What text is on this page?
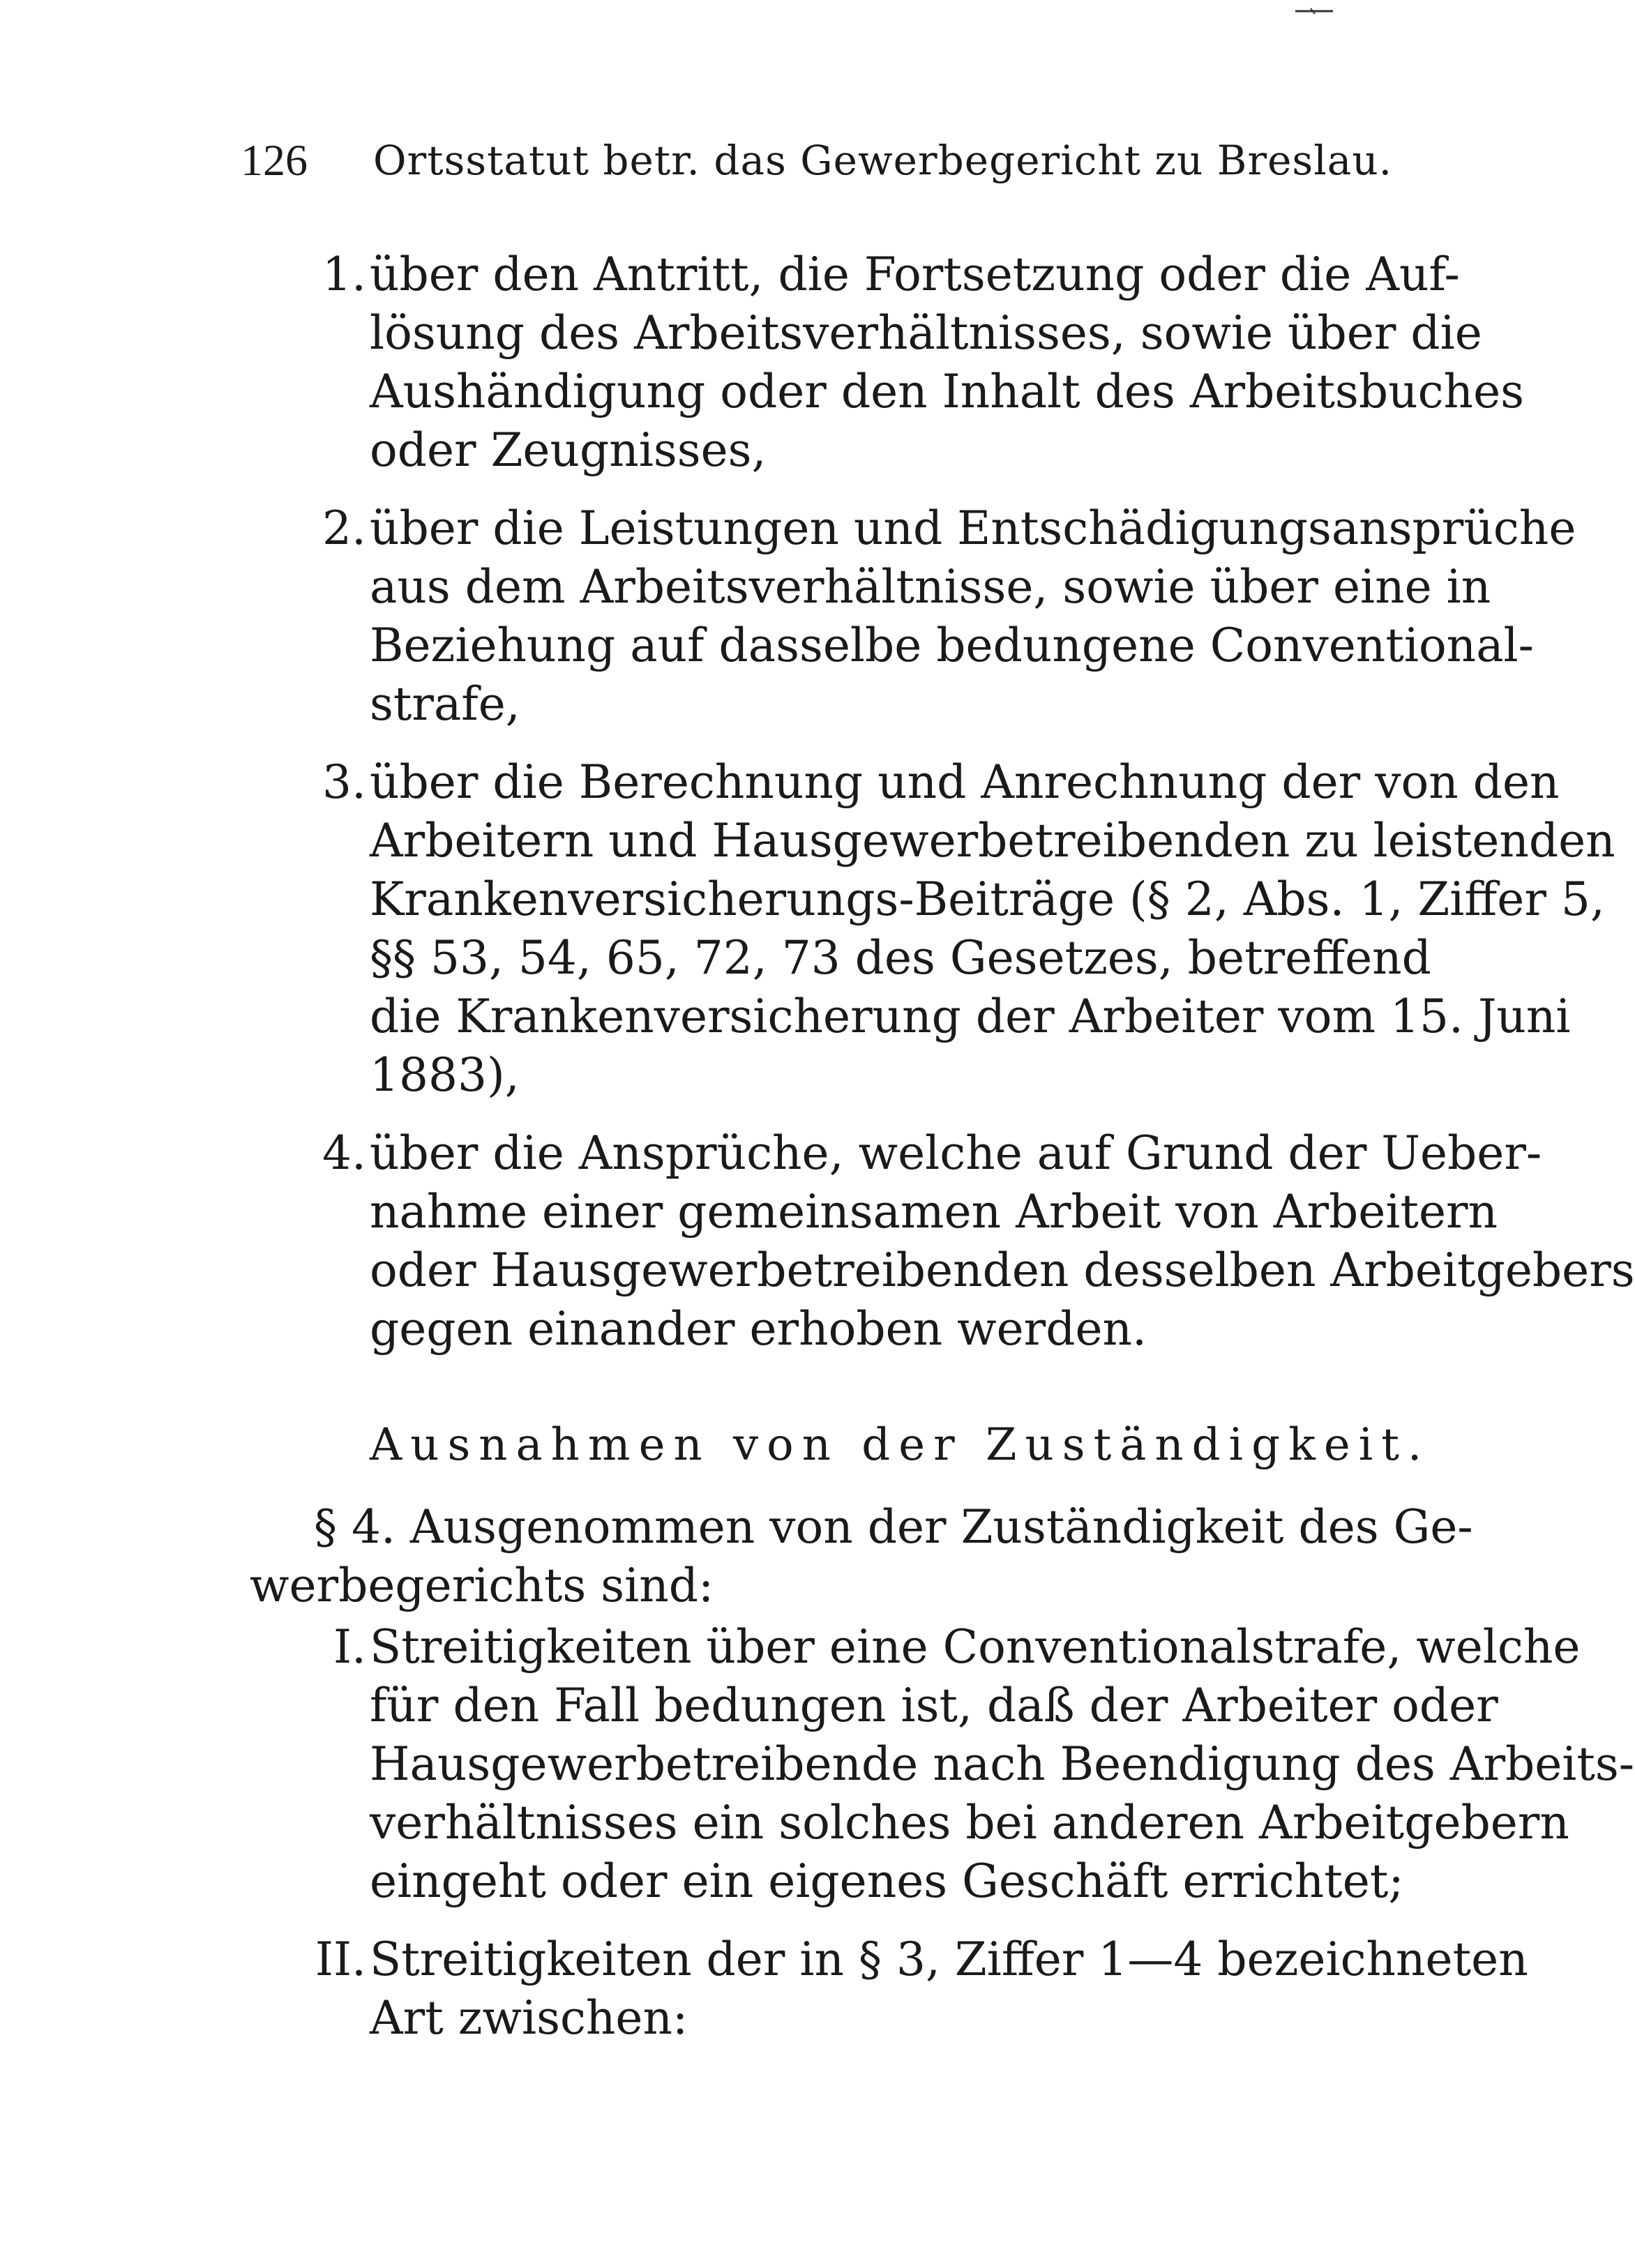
126 Ortsstatut betr. das Gewerbegericht zu Breslau.
1. über den Antritt, die Fortsetzung oder die Auf-
lösung des Arbeitsverhältnisses, sowie über die
Aushändigung oder den Inhalt des Arbeitsbuches
oder Zeugnisses,
2. über die Leistungen und Entschädigungsansprüche
aus dem Arbeitsverhältnisse, sowie über eine in
Beziehung auf dasselbe bedungene Conventional-
strafe,
3. über die Berechnung und Anrechnung der von den
Arbeitern und Hausgewerbetreibenden zu leistenden
Krankenversicherungs-Beiträge (§ 2, Abs. 1, Ziffer 5,
§§ 53, 54, 65, 72, 73 des Gesetzes, betreffend
die Krankenversicherung der Arbeiter vom 15. Juni
1883),
4. über die Ansprüche, welche auf Grund der Ueber-
nahme einer gemeinsamen Arbeit von Arbeitern
oder Hausgewerbetreibenden desselben Arbeitgebers
gegen einander erhoben werden.
Ausnahmen von der Zuständigkeit.
§ 4. Ausgenommen von der Zuständigkeit des Ge-
werbegerichts sind:
I. Streitigkeiten über eine Conventionalstrafe, welche
für den Fall bedungen ist, daß der Arbeiter oder
Hausgewerbetreibende nach Beendigung des Arbeits-
verhältnisses ein solches bei anderen Arbeitgebern
eingeht oder ein eigenes Geschäft errichtet;
II. Streitigkeiten der in § 3, Ziffer 1—4 bezeichneten
Art zwischen:
